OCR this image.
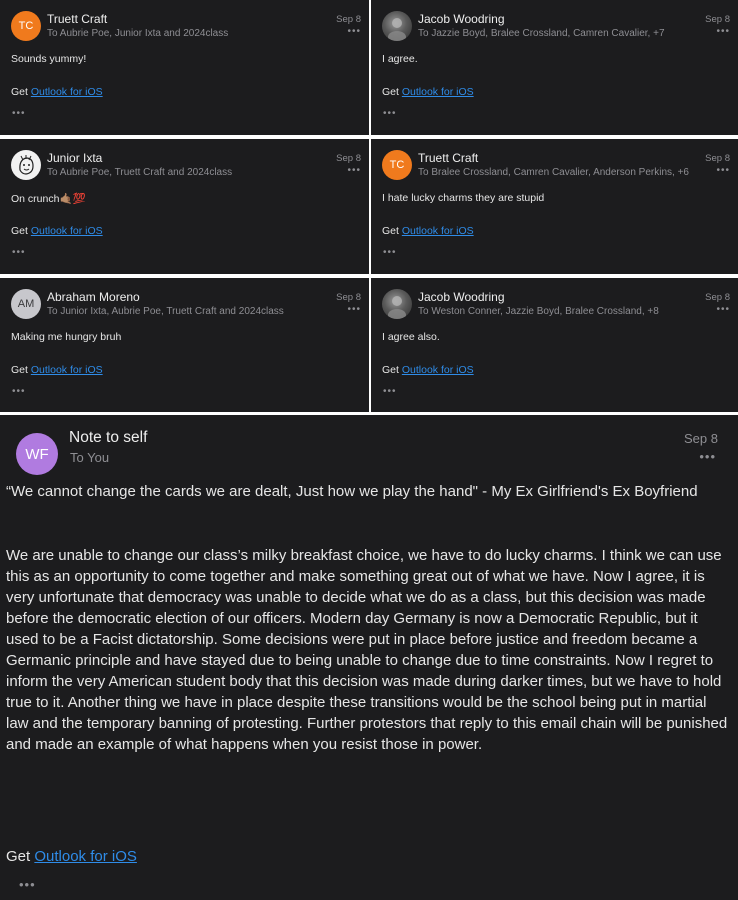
TC	Truett Craft
To Aubrie Poe, Junior Ixta and 2024class
Sep 8
•••
Sounds yummy!
Get Outlook for iOS
•••
Jacob Woodring
To Jazzie Boyd, Bralee Crossland, Camren Cavalier, +7
Sep 8
•••
I agree.
Get Outlook for iOS
•••
Junior Ixta
To Aubrie Poe, Truett Craft and 2024class
Sep 8
•••
On crunch🤙🏽💯
Get Outlook for iOS
•••
TC	Truett Craft
To Bralee Crossland, Camren Cavalier, Anderson Perkins, +6
Sep 8
•••
I hate lucky charms they are stupid
Get Outlook for iOS
•••
AM	Abraham Moreno
To Junior Ixta, Aubrie Poe, Truett Craft and 2024class
Sep 8
•••
Making me hungry bruh
Get Outlook for iOS
•••
Jacob Woodring
To Weston Conner, Jazzie Boyd, Bralee Crossland, +8
Sep 8
•••
I agree also.
Get Outlook for iOS
•••
WF
Note to self
To You
Sep 8
•••
“We cannot change the cards we are dealt, Just how we play the hand" - My Ex Girlfriend's Ex Boyfriend
We are unable to change our class’s milky breakfast choice, we have to do lucky charms. I think we can use this as an opportunity to come together and make something great out of what we have. Now I agree, it is very unfortunate that democracy was unable to decide what we do as a class, but this decision was made before the democratic election of our officers. Modern day Germany is now a Democratic Republic, but it used to be a Facist dictatorship. Some decisions were put in place before justice and freedom became a Germanic principle and have stayed due to being unable to change due to time constraints. Now I regret to inform the very American student body that this decision was made during darker times, but we have to hold true to it. Another thing we have in place despite these transitions would be the school being put in martial law and the temporary banning of protesting. Further protestors that reply to this email chain will be punished and made an example of what happens when you resist those in power.
Get Outlook for iOS
•••
